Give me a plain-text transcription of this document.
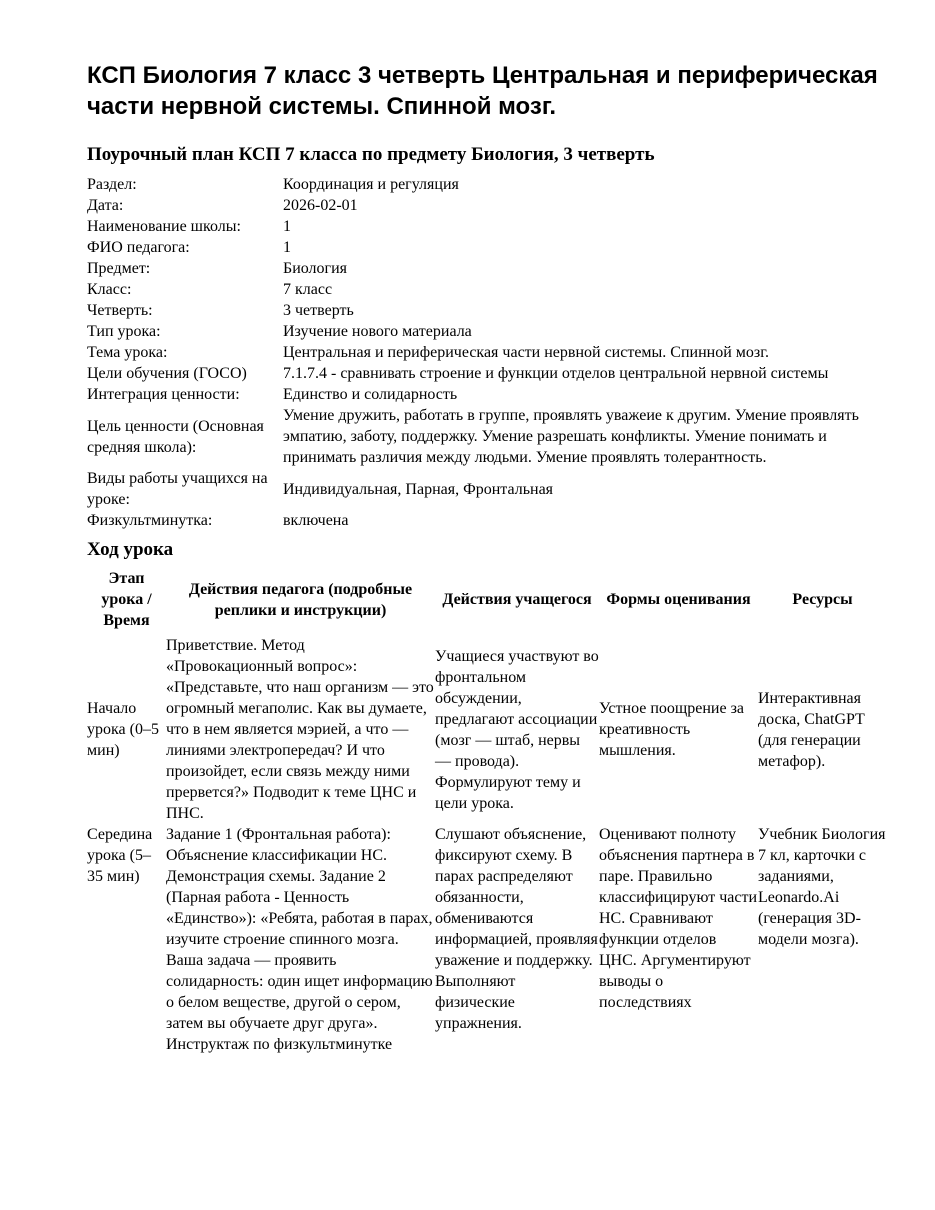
КСП Биология 7 класс 3 четверть Центральная и периферическая части нервной системы. Спинной мозг.
Поурочный план КСП 7 класса по предмету Биология, 3 четверть
Раздел:	Координация и регуляция
Дата:	2026-02-01
Наименование школы:	1
ФИО педагога:	1
Предмет:	Биология
Класс:	7 класс
Четверть:	3 четверть
Тип урока:	Изучение нового материала
Тема урока:	Центральная и периферическая части нервной системы. Спинной мозг.
Цели обучения (ГОСО)	7.1.7.4 - сравнивать строение и функции отделов центральной нервной системы
Интеграция ценности:	Единство и солидарность
Цель ценности (Основная средняя школа):	Умение дружить, работать в группе, проявлять уважеие к другим. Умение проявлять эмпатию, заботу, поддержку. Умение разрешать конфликты. Умение понимать и принимать различия между людьми. Умение проявлять толерантность.
Виды работы учащихся на уроке:	Индивидуальная, Парная, Фронтальная
Физкультминутка:	включена
Ход урока
Этап урока / Время	Действия педагога (подробные реплики и инструкции)	Действия учащегося	Формы оценивания	Ресурсы
Начало урока (0–5 мин)	Приветствие. Метод «Провокационный вопрос»: «Представьте, что наш организм — это огромный мегаполис. Как вы думаете, что в нем является мэрией, а что — линиями электропередач? И что произойдет, если связь между ними прервется?» Подводит к теме ЦНС и ПНС.	Учащиеся участвуют во фронтальном обсуждении, предлагают ассоциации (мозг — штаб, нервы — провода). Формулируют тему и цели урока.	Устное поощрение за креативность мышления.	Интерактивная доска, ChatGPT (для генерации метафор).
Середина урока (5–35 мин)	Задание 1 (Фронтальная работа): Объяснение классификации НС. Демонстрация схемы. Задание 2 (Парная работа - Ценность «Единство»): «Ребята, работая в парах, изучите строение спинного мозга. Ваша задача — проявить солидарность: один ищет информацию о белом веществе, другой о сером, затем вы обучаете друг друга». Инструктаж по физкультминутке	Слушают объяснение, фиксируют схему. В парах распределяют обязанности, обмениваются информацией, проявляя уважение и поддержку. Выполняют физические упражнения.	Оценивают полноту объяснения партнера в паре. Правильно классифицируют части НС. Сравнивают функции отделов ЦНС. Аргументируют выводы о последствиях	Учебник Биология 7 кл, карточки с заданиями, Leonardo.Ai (генерация 3D-модели мозга).
